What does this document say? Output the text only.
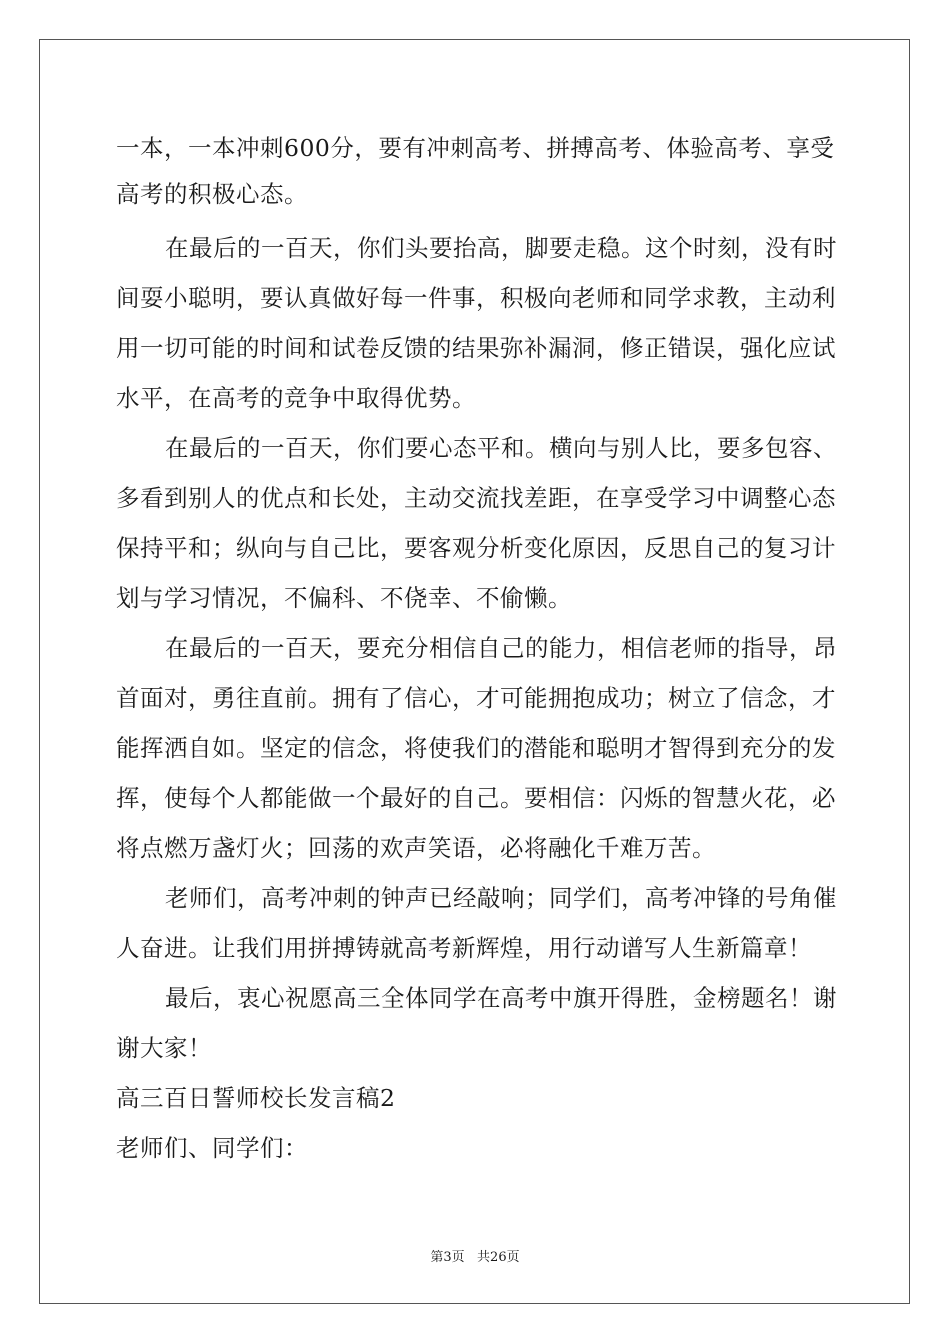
一本，一本冲刺600分，要有冲刺高考、拼搏高考、体验高考、享受
高考的积极心态。
在最后的一百天，你们头要抬高，脚要走稳。这个时刻，没有时
间耍小聪明，要认真做好每一件事，积极向老师和同学求教，主动利
用一切可能的时间和试卷反馈的结果弥补漏洞，修正错误，强化应试
水平，在高考的竞争中取得优势。
在最后的一百天，你们要心态平和。横向与别人比，要多包容、
多看到别人的优点和长处，主动交流找差距，在享受学习中调整心态
保持平和；纵向与自己比，要客观分析变化原因，反思自己的复习计
划与学习情况，不偏科、不侥幸、不偷懒。
在最后的一百天，要充分相信自己的能力，相信老师的指导，昂
首面对，勇往直前。拥有了信心，才可能拥抱成功；树立了信念，才
能挥洒自如。坚定的信念，将使我们的潜能和聪明才智得到充分的发
挥，使每个人都能做一个最好的自己。要相信：闪烁的智慧火花，必
将点燃万盏灯火；回荡的欢声笑语，必将融化千难万苦。
老师们，高考冲刺的钟声已经敲响；同学们，高考冲锋的号角催
人奋进。让我们用拼搏铸就高考新辉煌，用行动谱写人生新篇章！
最后，衷心祝愿高三全体同学在高考中旗开得胜，金榜题名！谢
谢大家！
高三百日誓师校长发言稿2
老师们、同学们：
第3页   共26页
